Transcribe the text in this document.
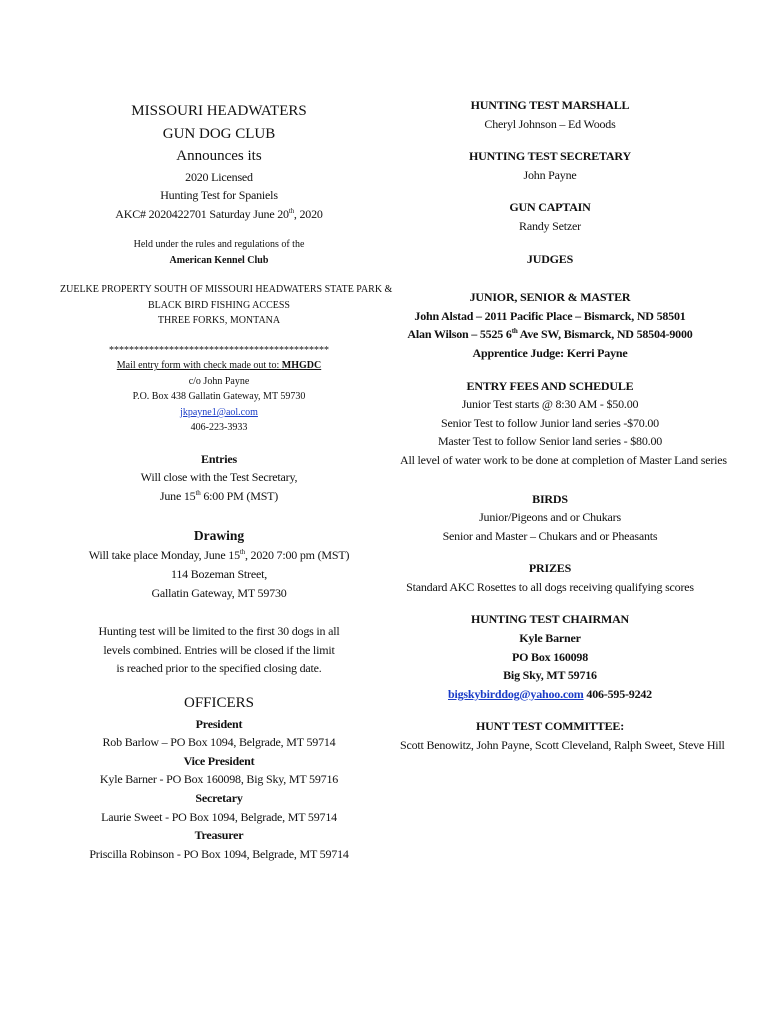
MISSOURI HEADWATERS
GUN DOG CLUB
Announces its
2020 Licensed
Hunting Test for Spaniels
AKC# 2020422701 Saturday June 20th, 2020
Held under the rules and regulations of the
American Kennel Club
ZUELKE PROPERTY SOUTH OF MISSOURI HEADWATERS STATE PARK &
BLACK BIRD FISHING ACCESS
THREE FORKS, MONTANA
********************************************
Mail entry form with check made out to: MHGDC
c/o John Payne
P.O. Box 438 Gallatin Gateway, MT 59730
jkpayne1@aol.com
406-223-3933
Entries
Will close with the Test Secretary,
June 15th 6:00 PM (MST)
Drawing
Will take place Monday, June 15th, 2020 7:00 pm (MST)
114 Bozeman Street,
Gallatin Gateway, MT 59730
Hunting test will be limited to the first 30 dogs in all
levels combined. Entries will be closed if the limit
is reached prior to the specified closing date.
OFFICERS
President
Rob Barlow – PO Box 1094, Belgrade, MT 59714
Vice President
Kyle Barner - PO Box 160098, Big Sky, MT 59716
Secretary
Laurie Sweet - PO Box 1094, Belgrade, MT 59714
Treasurer
Priscilla Robinson - PO Box 1094, Belgrade, MT 59714
HUNTING TEST MARSHALL
Cheryl Johnson – Ed Woods
HUNTING TEST SECRETARY
John Payne
GUN CAPTAIN
Randy Setzer
JUDGES
JUNIOR, SENIOR & MASTER
John Alstad – 2011 Pacific Place – Bismarck, ND 58501
Alan Wilson – 5525 6th Ave SW, Bismarck, ND 58504-9000
Apprentice Judge: Kerri Payne
ENTRY FEES AND SCHEDULE
Junior Test starts @ 8:30 AM - $50.00
Senior Test to follow Junior land series -$70.00
Master Test to follow Senior land series - $80.00
All level of water work to be done at completion of Master Land series
BIRDS
Junior/Pigeons and or Chukars
Senior and Master – Chukars and or Pheasants
PRIZES
Standard AKC Rosettes to all dogs receiving qualifying scores
HUNTING TEST CHAIRMAN
Kyle Barner
PO Box 160098
Big Sky, MT 59716
bigskybirddog@yahoo.com 406-595-9242
HUNT TEST COMMITTEE:
Scott Benowitz, John Payne, Scott Cleveland, Ralph Sweet, Steve Hill
